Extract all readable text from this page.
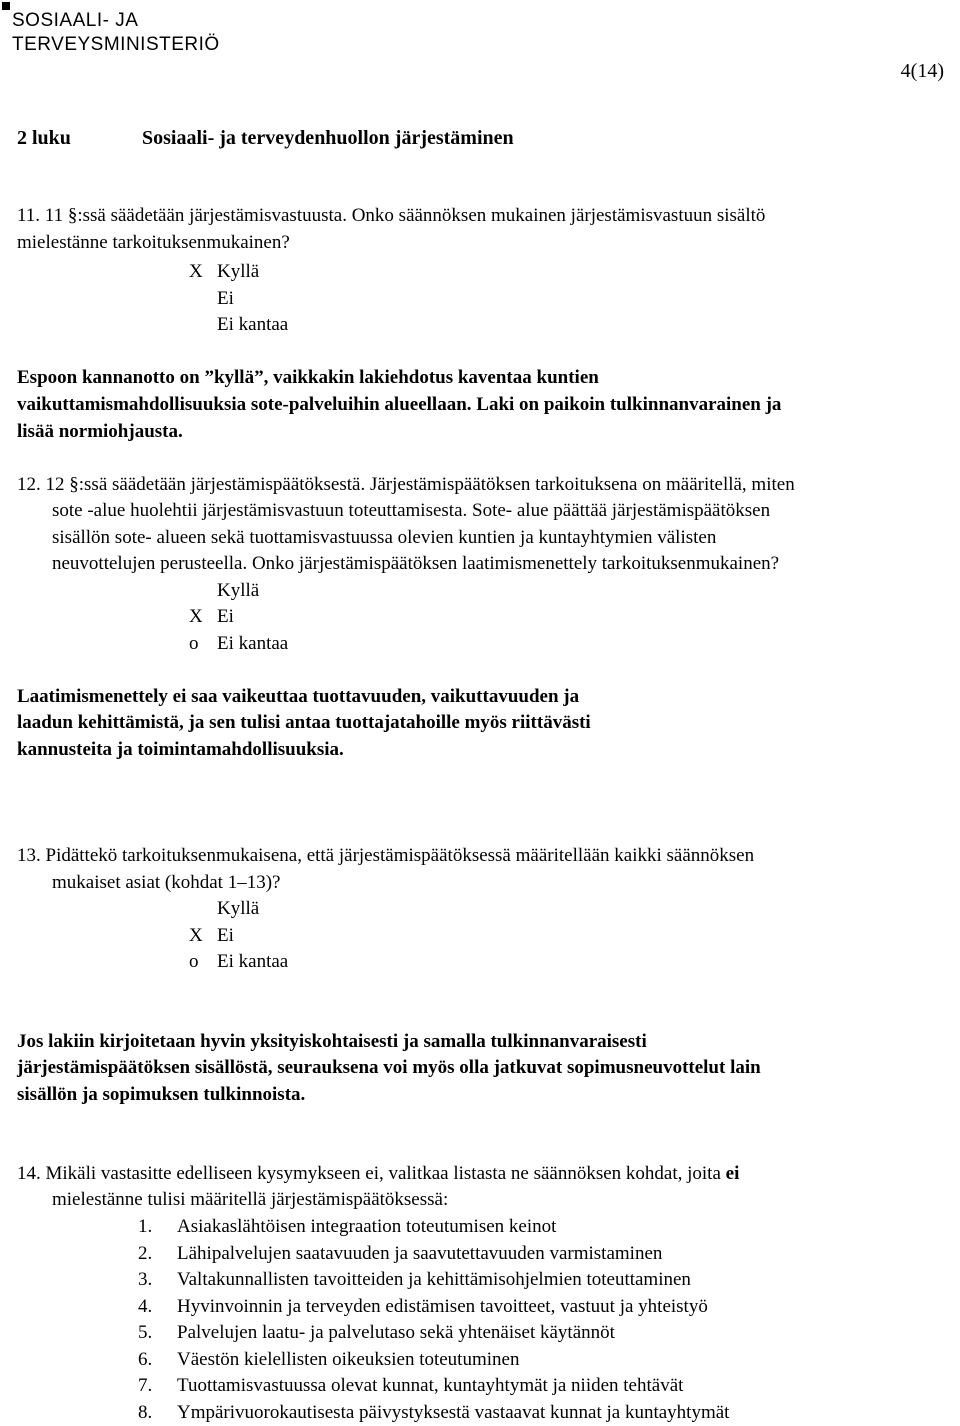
SOSIAALI- JA
TERVEYSMINISTERIÖ
4(14)
2 luku	Sosiaali- ja terveydenhuollon järjestäminen
11. 11 §:ssä säädetään järjestämisvastuusta. Onko säännöksen mukainen järjestämisvastuun sisältö
mielestänne tarkoituksenmukainen?
X Kyllä
Ei
Ei kantaa
Espoon kannanotto on ”kyllä”, vaikkakin lakiehdotus kaventaa kuntien
vaikuttamismahdollisuuksia sote-palveluihin alueellaan. Laki on paikoin tulkinnanvarainen ja
lisää normiohjausta.
12. 12 §:ssä säädetään järjestämispäätöksestä. Järjestämispäätöksen tarkoituksena on määritellä, miten
sote -alue huolehtii järjestämisvastuun toteuttamisesta. Sote- alue päättää järjestämispäätöksen
sisällön sote- alueen sekä tuottamisvastuussa olevien kuntien ja kuntayhtymien välisten
neuvottelujen perusteella. Onko järjestämispäätöksen laatimismenettely tarkoituksenmukainen?
Kyllä
X Ei
o Ei kantaa
Laatimismenettely ei saa vaikeuttaa tuottavuuden, vaikuttavuuden ja
laadun kehittämistä, ja sen tulisi antaa tuottajatahoille myös riittävästi
kannusteita ja toimintamahdollisuuksia.
13. Pidättekö tarkoituksenmukaisena, että järjestämispäätöksessä määritellään kaikki säännöksen
mukaiset asiat (kohdat 1–13)?
Kyllä
X Ei
o Ei kantaa
Jos lakiin kirjoitetaan hyvin yksityiskohtaisesti ja samalla tulkinnanvaraisesti
järjestämispäätöksen sisällöstä, seurauksena voi myös olla jatkuvat sopimusneuvottelut lain
sisällön ja sopimuksen tulkinnoista.
14. Mikäli vastasitte edelliseen kysymykseen ei, valitkaa listasta ne säännöksen kohdat, joita ei
mielestänne tulisi määritellä järjestämispäätöksessä:
1. Asiakaslähtöisen integraation toteutumisen keinot
2. Lähipalvelujen saatavuuden ja saavutettavuuden varmistaminen
3. Valtakunnallisten tavoitteiden ja kehittämisohjelmien toteuttaminen
4. Hyvinvoinnin ja terveyden edistämisen tavoitteet, vastuut ja yhteistyö
5. Palvelujen laatu- ja palvelutaso sekä yhtenäiset käytännöt
6. Väestön kielellisten oikeuksien toteutuminen
7. Tuottamisvastuussa olevat kunnat, kuntayhtymät ja niiden tehtävät
8. Ympärivuorokautisesta päivystyksestä vastaavat kunnat ja kuntayhtymät
